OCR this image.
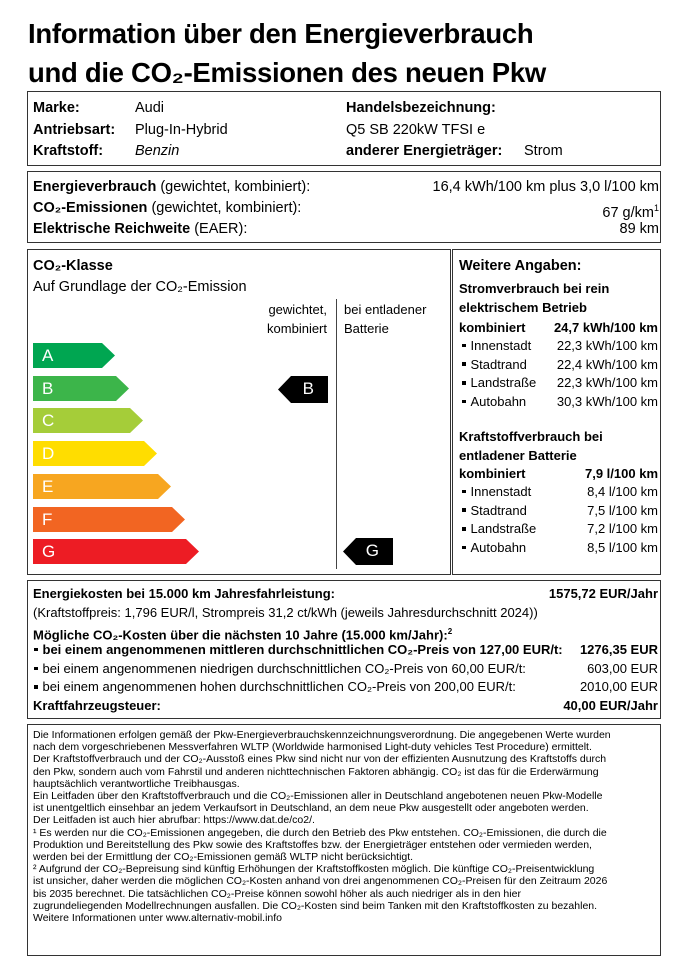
Information über den Energieverbrauch
und die CO₂-Emissionen des neuen Pkw
Marke:	Audi
Antriebsart: Plug-In-Hybrid
Kraftstoff: Benzin
Handelsbezeichnung:
Q5 SB 220kW TFSI e
anderer Energieträger: Strom
Energieverbrauch (gewichtet, kombiniert):	16,4 kWh/100 km plus 3,0 l/100 km
CO₂-Emissionen (gewichtet, kombiniert):	67 $g/km^1$
Elektrische Reichweite (EAER):	89 km
CO₂-Klasse
Auf Grundlage der CO₂-Emission
gewichtet,
kombiniert
bei entladener
Batterie
A
B
C
D
E
F
G
B
G
Weitere Angaben:
Stromverbrauch bei rein
elektrischem Betrieb
kombiniert 24,7 kWh/100 km
Innenstadt 22,3 kWh/100 km
Stadtrand 22,4 kWh/100 km
Landstraße 22,3 kWh/100 km
Autobahn 30,3 kWh/100 km
Kraftstoffverbrauch bei
entladener Batterie
kombiniert	7,9 l/100 km
Innenstadt	8,4 l/100 km
Stadtrand	7,5 l/100 km
Landstraße	7,2 l/100 km
Autobahn	8,5 l/100 km
Energiekosten bei 15.000 km Jahresfahrleistung:	1575,72 EUR/Jahr
(Kraftstoffpreis: 1,796 EUR/l, Strompreis 31,2 ct/kWh (jeweils Jahresdurchschnitt 2024))
Mögliche CO₂-Kosten über die nächsten 10 Jahre (15.000 km/Jahr):$^2$
bei einem angenommenen mittleren durchschnittlichen CO₂-Preis von 127,00 EUR/t: 1276,35 EUR
bei einem angenommenen niedrigen durchschnittlichen CO₂-Preis von 60,00 EUR/t:	603,00 EUR
bei einem angenommenen hohen durchschnittlichen CO₂-Preis von 200,00 EUR/t:	2010,00 EUR
Kraftfahrzeugsteuer:	40,00 EUR/Jahr

Die Informationen erfolgen gemäß der Pkw-Energieverbrauchskennzeichnungsverordnung. Die angegebenen Werte wurden

nach dem vorgeschriebenen Messverfahren WLTP (Worldwide harmonised Light-duty vehicles Test Procedure) ermittelt.

Der Kraftstoffverbrauch und der CO₂-Ausstoß eines Pkw sind nicht nur von der effizienten Ausnutzung des Kraftstoffs durch

den Pkw, sondern auch vom Fahrstil und anderen nichttechnischen Faktoren abhängig. CO₂ ist das für die Erderwärmung

hauptsächlich verantwortliche Treibhausgas.

Ein Leitfaden über den Kraftstoffverbrauch und die CO₂-Emissionen aller in Deutschland angebotenen neuen Pkw-Modelle

ist unentgeltlich einsehbar an jedem Verkaufsort in Deutschland, an dem neue Pkw ausgestellt oder angeboten werden.

Der Leitfaden ist auch hier abrufbar: https://www.dat.de/co2/.

¹ Es werden nur die CO₂-Emissionen angegeben, die durch den Betrieb des Pkw entstehen. CO₂-Emissionen, die durch die

Produktion und Bereitstellung des Pkw sowie des Kraftstoffes bzw. der Energieträger entstehen oder vermieden werden,

werden bei der Ermittlung der CO₂-Emissionen gemäß WLTP nicht berücksichtigt.

² Aufgrund der CO₂-Bepreisung sind künftig Erhöhungen der Kraftstoffkosten möglich. Die künftige CO₂-Preisentwicklung

ist unsicher, daher werden die möglichen CO₂-Kosten anhand von drei angenommenen CO₂-Preisen für den Zeitraum 2026

bis 2035 berechnet. Die tatsächlichen CO₂-Preise können sowohl höher als auch niedriger als in den hier

zugrundeliegenden Modellrechnungen ausfallen. Die CO₂-Kosten sind beim Tanken mit den Kraftstoffkosten zu bezahlen.

Weitere Informationen unter www.alternativ-mobil.info
